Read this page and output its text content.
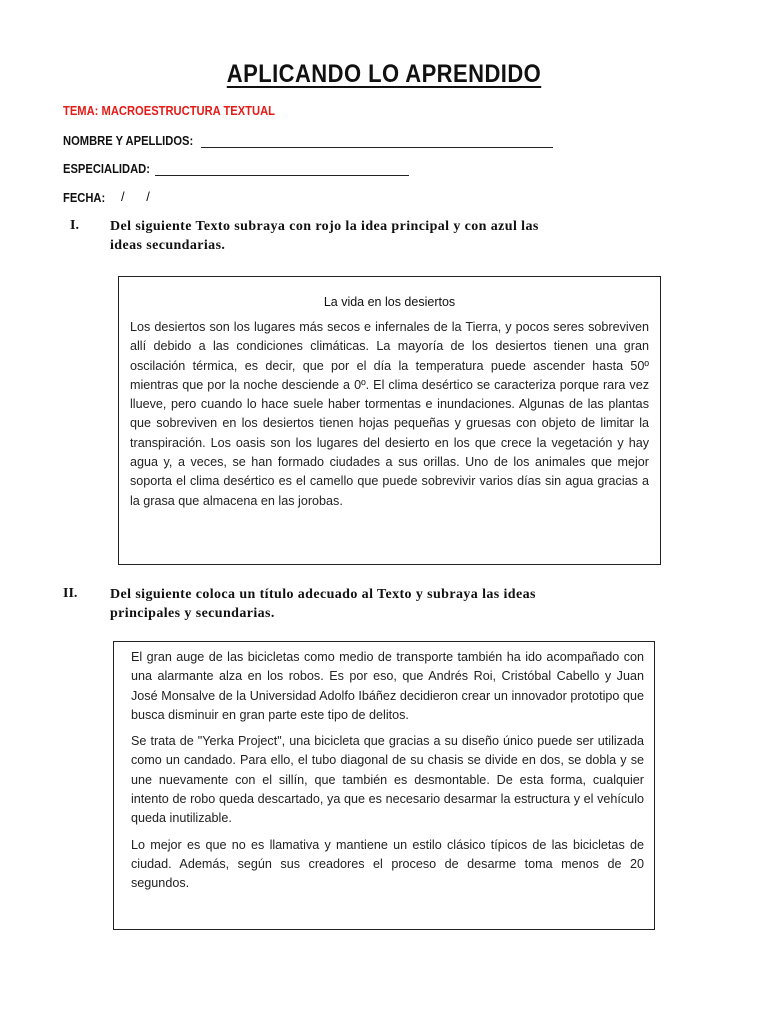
APLICANDO LO APRENDIDO
TEMA: MACROESTRUCTURA TEXTUAL
NOMBRE Y APELLIDOS:
ESPECIALIDAD:
FECHA: /      /
I. Del siguiente Texto subraya con rojo la idea principal y con azul las
ideas secundarias.
La vida en los desiertos

Los desiertos son los lugares más secos e infernales de la Tierra, y pocos seres sobreviven allí debido a las condiciones climáticas. La mayoría de los desiertos tienen una gran oscilación térmica, es decir, que por el día la temperatura puede ascender hasta 50º mientras que por la noche desciende a 0º. El clima desértico se caracteriza porque rara vez llueve, pero cuando lo hace suele haber tormentas e inundaciones. Algunas de las plantas que sobreviven en los desiertos tienen hojas pequeñas y gruesas con objeto de limitar la transpiración. Los oasis son los lugares del desierto en los que crece la vegetación y hay agua y, a veces, se han formado ciudades a sus orillas. Uno de los animales que mejor soporta el clima desértico es el camello que puede sobrevivir varios días sin agua gracias a la grasa que almacena en las jorobas.

II. Del siguiente coloca un título adecuado al Texto y subraya las ideas
principales y secundarias.

El gran auge de las bicicletas como medio de transporte también ha ido acompañado con una alarmante alza en los robos. Es por eso, que Andrés Roi, Cristóbal Cabello y Juan José Monsalve de la Universidad Adolfo Ibáñez decidieron crear un innovador prototipo que busca disminuir en gran parte este tipo de delitos.

Se trata de "Yerka Project", una bicicleta que gracias a su diseño único puede ser utilizada como un candado. Para ello, el tubo diagonal de su chasis se divide en dos, se dobla y se une nuevamente con el sillín, que también es desmontable. De esta forma, cualquier intento de robo queda descartado, ya que es necesario desarmar la estructura y el vehículo queda inutilizable.

Lo mejor es que no es llamativa y mantiene un estilo clásico típicos de las bicicletas de ciudad. Además, según sus creadores el proceso de desarme toma menos de 20 segundos.
